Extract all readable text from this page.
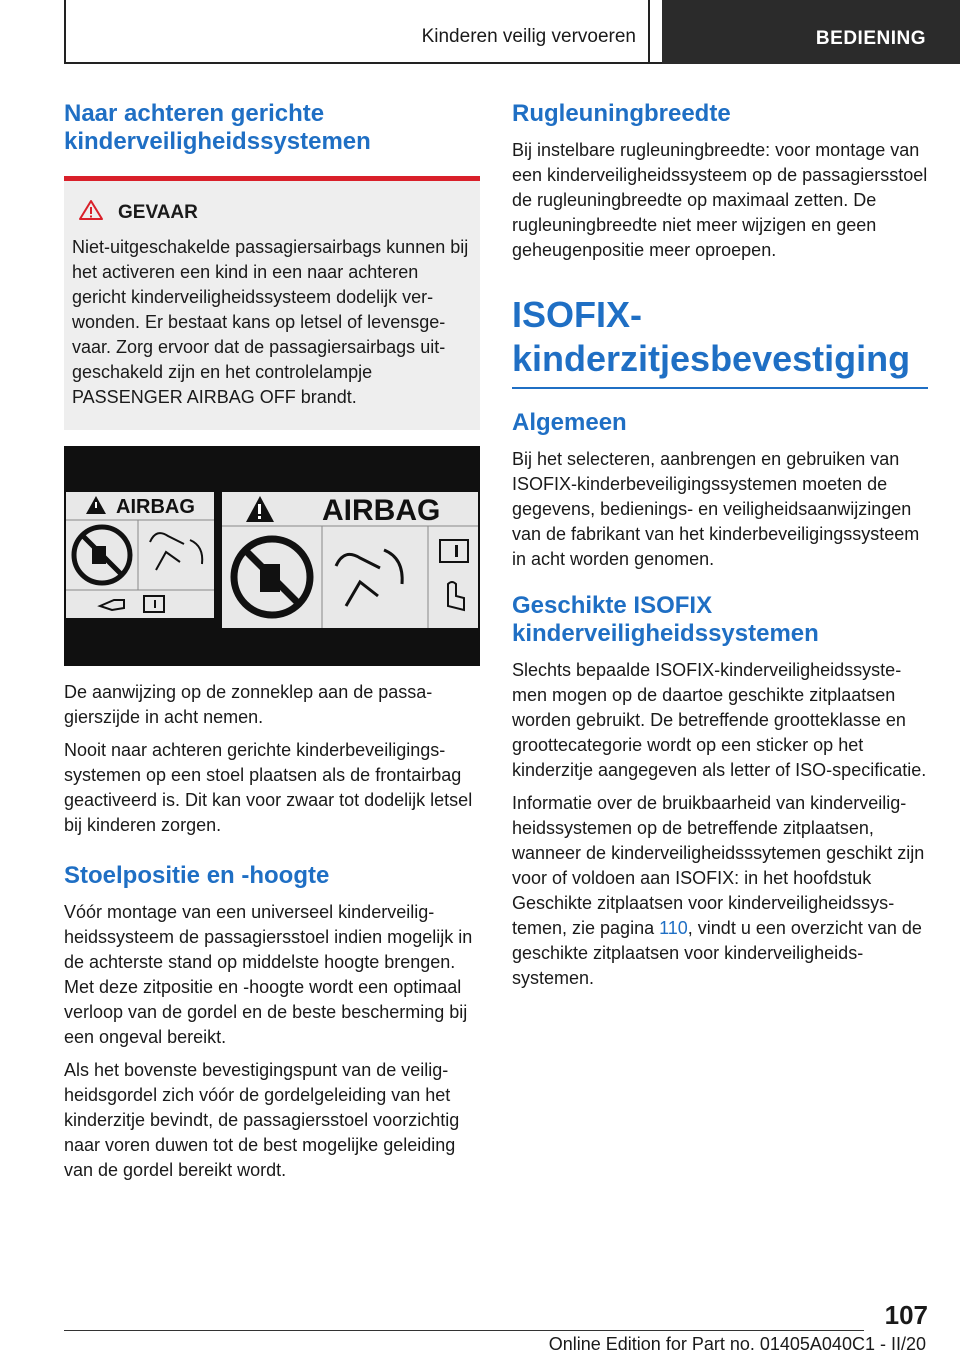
Kinderen veilig vervoeren	BEDIENING
Naar achteren gerichte kinderveiligheidssystemen
GEVAAR

Niet-uitgeschakelde passagiersairbags kunnen bij het activeren een kind in een naar achteren gericht kinderveiligheidssysteem dodelijk verwonden. Er bestaat kans op letsel of levensgevaar. Zorg ervoor dat de passagiersairbags uitgeschakeld zijn en het controlelampje PASSENGER AIRBAG OFF brandt.

AIRBAG	AIRBAG

De aanwijzing op de zonneklep aan de passagierszijde in acht nemen.

Nooit naar achteren gerichte kinderbeveiligingssystemen op een stoel plaatsen als de frontairbag geactiveerd is. Dit kan voor zwaar tot dodelijk letsel bij kinderen zorgen.

Stoelpositie en -hoogte

Vóór montage van een universeel kinderveiligheidssysteem de passagiersstoel indien mogelijk in de achterste stand op middelste hoogte brengen. Met deze zitpositie en -hoogte wordt een optimaal verloop van de gordel en de beste bescherming bij een ongeval bereikt.

Als het bovenste bevestigingspunt van de veiligheidsgordel zich vóór de gordelgeleiding van het kinderzitje bevindt, de passagiersstoel voorzichtig naar voren duwen tot de best mogelijke geleiding van de gordel bereikt wordt.

Rugleuningbreedte

Bij instelbare rugleuningbreedte: voor montage van een kinderveiligheidssysteem op de passagiersstoel de rugleuningbreedte op maximaal zetten. De rugleuningbreedte niet meer wijzigen en geen geheugenpositie meer oproepen.

ISOFIX-kinderzitjesbevestiging
Algemeen

Bij het selecteren, aanbrengen en gebruiken van ISOFIX-kinderbeveiligingssystemen moeten de gegevens, bedienings- en veiligheidsaanwijzingen van de fabrikant van het kinderbeveiligingssysteem in acht worden genomen.

Geschikte ISOFIX kinderveiligheidssystemen

Slechts bepaalde ISOFIX-kinderveiligheidssystemen mogen op de daartoe geschikte zitplaatsen worden gebruikt. De betreffende grootteklasse en groottecategorie wordt op een sticker op het kinderzitje aangegeven als letter of ISO-specificatie.

Informatie over de bruikbaarheid van kinderveiligheidssystemen op de betreffende zitplaatsen, wanneer de kinderveiligheidsssytemen geschikt zijn voor of voldoen aan ISOFIX: in het hoofdstuk Geschikte zitplaatsen voor kinderveiligheidssystemen, zie pagina 110, vindt u een overzicht van de geschikte zitplaatsen voor kinderveiligheidssystemen.

107
Online Edition for Part no. 01405A040C1 - II/20
